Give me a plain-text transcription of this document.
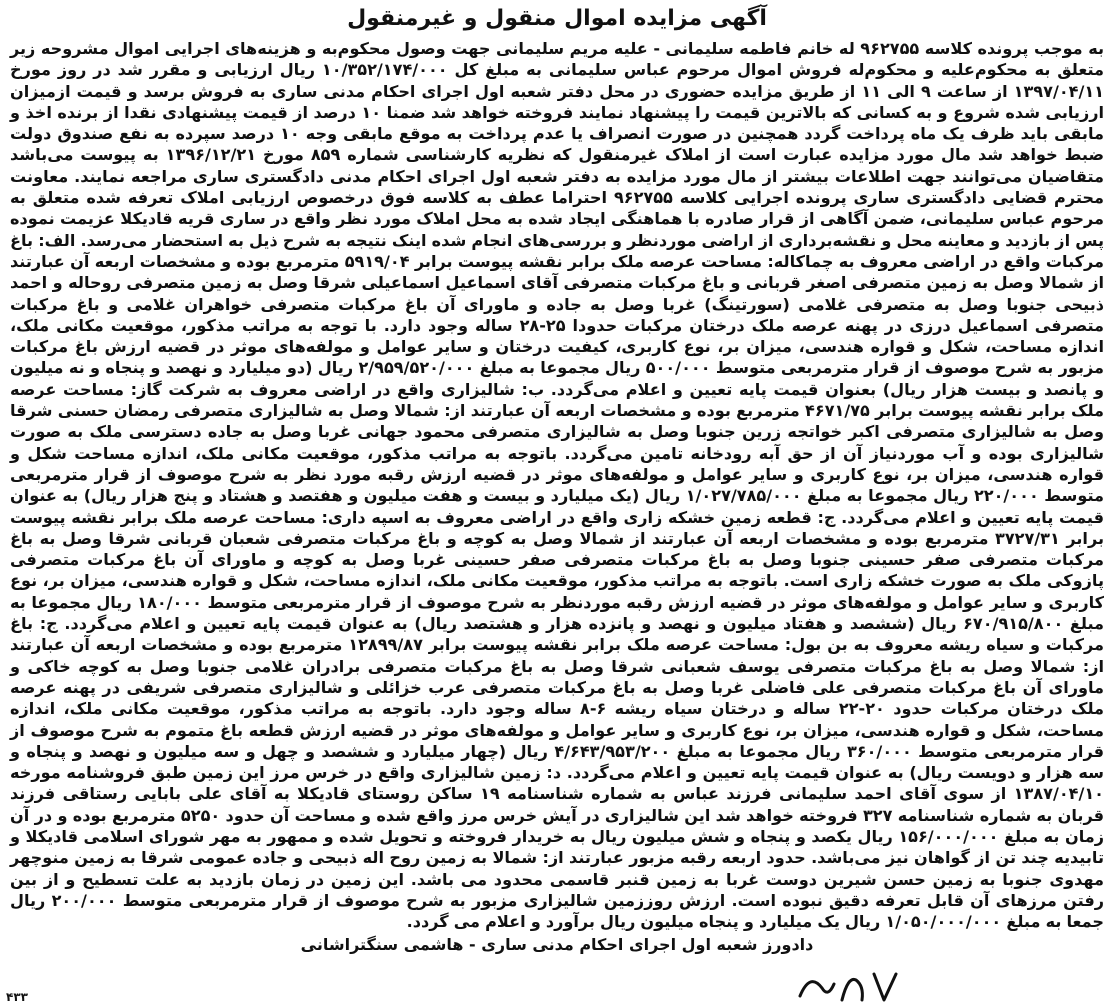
آگهی مزایده اموال منقول و غیرمنقول

به موجب پرونده کلاسه ۹۶۲۷۵۵ له خانم فاطمه سلیمانی - علیه مریم سلیمانی جهت وصول محکوم‌به و هزینه‌های اجرایی اموال مشروحه زیر متعلق به محکوم‌علیه و محکوم‌له فروش اموال مرحوم عباس سلیمانی به مبلغ کل ۱۰/۳۵۲/۱۷۴/۰۰۰ ریال ارزیابی و مقرر شد در روز مورخ ۱۳۹۷/۰۴/۱۱ از ساعت ۹ الی ۱۱ از طریق مزایده حضوری در محل دفتر شعبه اول اجرای احکام مدنی ساری به فروش برسد و قیمت ازمیزان ارزیابی شده شروع و به کسانی که بالاترین قیمت را پیشنهاد نمایند فروخته خواهد شد ضمنا ۱۰ درصد از قیمت پیشنهادی نقدا از برنده اخذ و مابقی باید ظرف یک ماه پرداخت گردد همچنین در صورت انصراف یا عدم پرداخت به موقع مابقی وجه ۱۰ درصد سپرده به نفع صندوق دولت ضبط خواهد شد مال مورد مزایده عبارت است از املاک غیرمنقول که نظریه کارشناسی شماره ۸۵۹ مورخ ۱۳۹۶/۱۲/۲۱ به پیوست می‌باشد متقاضیان می‌توانند جهت اطلاعات بیشتر از مال مورد مزایده به دفتر شعبه اول اجرای احکام مدنی دادگستری ساری مراجعه نمایند. معاونت محترم قضایی دادگستری ساری پرونده اجرایی کلاسه ۹۶۲۷۵۵ احتراما عطف به کلاسه فوق درخصوص ارزیابی املاک تعرفه شده متعلق به مرحوم عباس سلیمانی، ضمن آگاهی از قرار صادره با هماهنگی ایجاد شده به محل املاک مورد نظر واقع در ساری قریه قادیکلا عزیمت نموده پس از بازدید و معاینه محل و نقشه‌برداری از اراضی موردنظر و بررسی‌های انجام شده اینک نتیجه به شرح ذیل به استحضار می‌رسد. الف: باغ مرکبات واقع در اراضی معروف به چماکاله: مساحت عرصه ملک برابر نقشه پیوست برابر ۵۹۱۹/۰۴ مترمربع بوده و مشخصات اربعه آن عبارتند از شمالا وصل به زمین متصرفی اصغر قربانی و باغ مرکبات متصرفی آقای اسماعیل اسماعیلی شرقا وصل به زمین متصرفی روحاله و احمد ذبیحی جنوبا وصل به متصرفی غلامی (سورتینگ) غربا وصل به جاده و ماورای آن باغ مرکبات متصرفی خواهران غلامی و باغ مرکبات متصرفی اسماعیل درزی در پهنه عرصه ملک درختان مرکبات حدودا ۲۵-۲۸ ساله وجود دارد. با توجه به مراتب مذکور، موقعیت مکانی ملک، اندازه مساحت، شکل و قواره هندسی، میزان بر، نوع کاربری، کیفیت درختان و سایر عوامل و مولفه‌های موثر در قضیه ارزش باغ مرکبات مزبور به شرح موصوف از قرار مترمربعی متوسط ۵۰۰/۰۰۰ ریال مجموعا به مبلغ ۲/۹۵۹/۵۲۰/۰۰۰ ریال (دو میلیارد و نهصد و پنجاه و نه میلیون و پانصد و بیست هزار ریال) بعنوان قیمت پایه تعیین و اعلام می‌گردد. ب: شالیزاری واقع در اراضی معروف به شرکت گاز: مساحت عرصه ملک برابر نقشه پیوست برابر ۴۶۷۱/۷۵ مترمربع بوده و مشخصات اربعه آن عبارتند از: شمالا وصل به شالیزاری متصرفی رمضان حسنی شرقا وصل به شالیزاری متصرفی اکبر خواتجه زرین جنوبا وصل به شالیزاری متصرفی محمود جهانی غربا وصل به جاده دسترسی ملک به صورت شالیزاری بوده و آب موردنیاز آن از حق آبه رودخانه تامین می‌گردد. باتوجه به مراتب مذکور، موقعیت مکانی ملک، اندازه مساحت شکل و قواره هندسی، میزان بر، نوع کاربری و سایر عوامل و مولفه‌های موثر در قضیه ارزش رقبه مورد نظر به شرح موصوف از قرار مترمربعی متوسط ۲۲۰/۰۰۰ ریال مجموعا به مبلغ ۱/۰۲۷/۷۸۵/۰۰۰ ریال (یک میلیارد و بیست و هفت میلیون و هفتصد و هشتاد و پنج هزار ریال) به عنوان قیمت پایه تعیین و اعلام می‌گردد. ج: قطعه زمین خشکه زاری واقع در اراضی معروف به اسپه داری: مساحت عرصه ملک برابر نقشه پیوست برابر ۳۷۲۷/۳۱ مترمربع بوده و مشخصات اربعه آن عبارتند از شمالا وصل به کوچه و باغ مرکبات متصرفی شعبان قربانی شرقا وصل به باغ مرکبات متصرفی صفر حسینی جنوبا وصل به باغ مرکبات متصرفی صفر حسینی غربا وصل به کوچه و ماورای آن باغ مرکبات متصرفی پازوکی ملک به صورت خشکه زاری است. باتوجه به مراتب مذکور، موقعیت مکانی ملک، اندازه مساحت، شکل و قواره هندسی، میزان بر، نوع کاربری و سایر عوامل و مولفه‌های موثر در قضیه ارزش رقبه موردنظر به شرح موصوف از قرار مترمربعی متوسط ۱۸۰/۰۰۰ ریال مجموعا به مبلغ ۶۷۰/۹۱۵/۸۰۰ ریال (ششصد و هفتاد میلیون و نهصد و پانزده هزار و هشتصد ریال) به عنوان قیمت پایه تعیین و اعلام می‌گردد. ج: باغ مرکبات و سیاه ریشه معروف به بن بول: مساحت عرصه ملک برابر نقشه پیوست برابر ۱۲۸۹۹/۸۷ مترمربع بوده و مشخصات اربعه آن عبارتند از: شمالا وصل به باغ مرکبات متصرفی یوسف شعبانی شرقا وصل به باغ مرکبات متصرفی برادران غلامی جنوبا وصل به کوچه خاکی و ماورای آن باغ مرکبات متصرفی علی فاضلی غربا وصل به باغ مرکبات متصرفی عرب خزائلی و شالیزاری متصرفی شریفی در پهنه عرصه ملک درختان مرکبات حدود ۲۰-۲۲ ساله و درختان سیاه ریشه ۶-۸ ساله وجود دارد. باتوجه به مراتب مذکور، موقعیت مکانی ملک، اندازه مساحت، شکل و قواره هندسی، میزان بر، نوع کاربری و سایر عوامل و مولفه‌های موثر در قضیه ارزش قطعه باغ متموم به شرح موصوف از قرار مترمربعی متوسط ۳۶۰/۰۰۰ ریال مجموعا به مبلغ ۴/۶۴۳/۹۵۳/۲۰۰ ریال (چهار میلیارد و ششصد و چهل و سه میلیون و نهصد و پنجاه و سه هزار و دویست ریال) به عنوان قیمت پایه تعیین و اعلام می‌گردد. د: زمین شالیزاری واقع در خرس مرز این زمین طبق فروشنامه مورخه ۱۳۸۷/۰۴/۱۰ از سوی آقای احمد سلیمانی فرزند عباس به شماره شناسنامه ۱۹ ساکن روستای قادیکلا به آقای علی بابایی رستاقی فرزند قربان به شماره شناسنامه ۳۲۷ فروخته خواهد شد این شالیزاری در آیش خرس مرز واقع شده و مساحت آن حدود ۵۲۵۰ مترمربع بوده و در آن زمان به مبلغ ۱۵۶/۰۰۰/۰۰۰ ریال یکصد و پنجاه و شش میلیون ریال به خریدار فروخته و تحویل شده و ممهور به مهر شورای اسلامی قادیکلا و تابیدیه چند تن از گواهان نیز می‌باشد. حدود اربعه رقبه مزبور عبارتند از: شمالا به زمین روح اله ذبیحی و جاده عمومی شرقا به زمین منوچهر مهدوی جنوبا به زمین حسن شیرین دوست غربا به زمین قنبر قاسمی محدود می باشد. این زمین در زمان بازدید به علت تسطیح و از بین رفتن مرزهای آن قابل تعرفه دقیق نبوده است. ارزش روززمین شالیزاری مزبور به شرح موصوف از قرار مترمربعی متوسط ۲۰۰/۰۰۰ ریال جمعا به مبلغ ۱/۰۵۰/۰۰۰/۰۰۰ ریال یک میلیارد و پنجاه میلیون ریال برآورد و اعلام می گردد.

دادورز شعبه اول اجرای احکام مدنی ساری - هاشمی سنگتراشانی
۴۳۳
